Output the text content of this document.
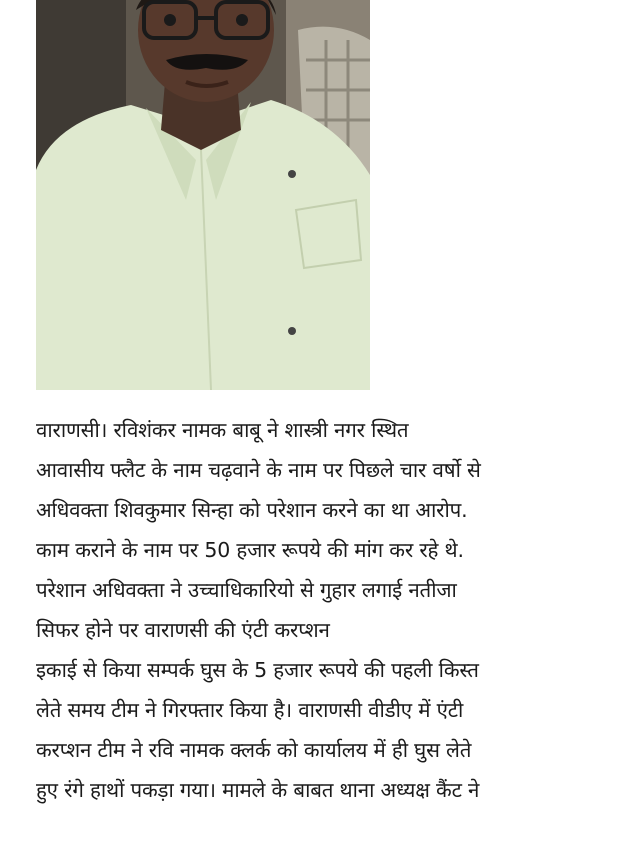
वाराणसी। रविशंकर नामक बाबू ने शास्त्री नगर स्थित

आवासीय फ्लैट के नाम चढ़वाने के नाम पर पिछले चार वर्षो से

अधिवक्ता शिवकुमार सिन्हा को परेशान करने का था आरोप.

काम कराने के नाम पर 50 हजार रूपये की मांग कर रहे थे.

परेशान अधिवक्ता ने उच्चाधिकारियो से गुहार लगाई नतीजा

सिफर होने पर वाराणसी की एंटी करप्शन

इकाई से किया सम्पर्क घुस के 5 हजार रूपये की पहली किस्त

लेते समय टीम ने गिरफ्तार किया है। वाराणसी वीडीए में एंटी

करप्शन टीम ने रवि नामक क्लर्क को कार्यालय में ही घुस लेते

हुए रंगे हाथों पकड़ा गया। मामले के बाबत थाना अध्यक्ष कैंट ने
